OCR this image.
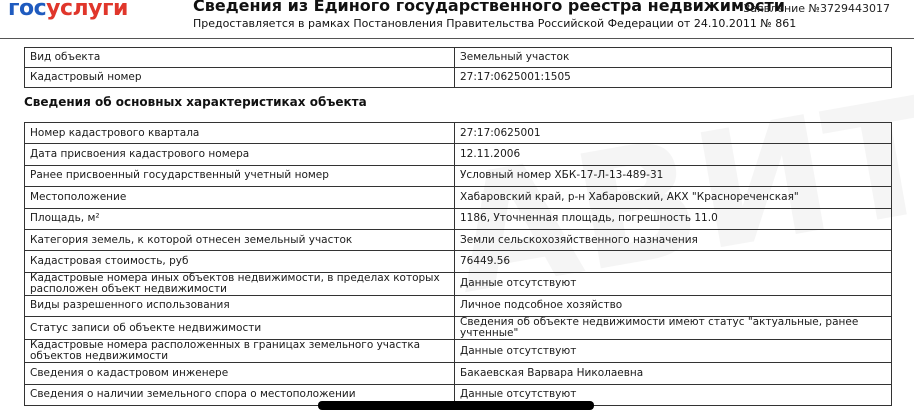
госуслуги	Сведения из Единого государственного реестра недвижимости
Предоставляется в рамках Постановления Правительства Российской Федерации от 24.10.2011 № 861
Заявление №3729443017
Вид объекта	Земельный участок
Кадастровый номер	27:17:0625001:1505
Сведения об основных характеристиках объекта
Номер кадастрового квартала	27:17:0625001
Дата присвоения кадастрового номера	12.11.2006
Ранее присвоенный государственный учетный номер	Условный номер ХБК-17-Л-13-489-31
Местоположение	Хабаровский край, р-н Хабаровский, АКХ "Краснореченская"
Площадь, м²	1186, Уточненная площадь, погрешность 11.0
Категория земель, к которой отнесен земельный участок	Земли сельскохозяйственного назначения
Кадастровая стоимость, руб	76449.56
Кадастровые номера иных объектов недвижимости, в пределах которых расположен объект недвижимости	Данные отсутствуют
Виды разрешенного использования	Личное подсобное хозяйство
Статус записи об объекте недвижимости	Сведения об объекте недвижимости имеют статус "актуальные, ранее учтенные"
Кадастровые номера расположенных в границах земельного участка объектов недвижимости	Данные отсутствуют
Сведения о кадастровом инженере	Бакаевская Варвара Николаевна
Сведения о наличии земельного спора о местоположении	Данные отсутствуют
